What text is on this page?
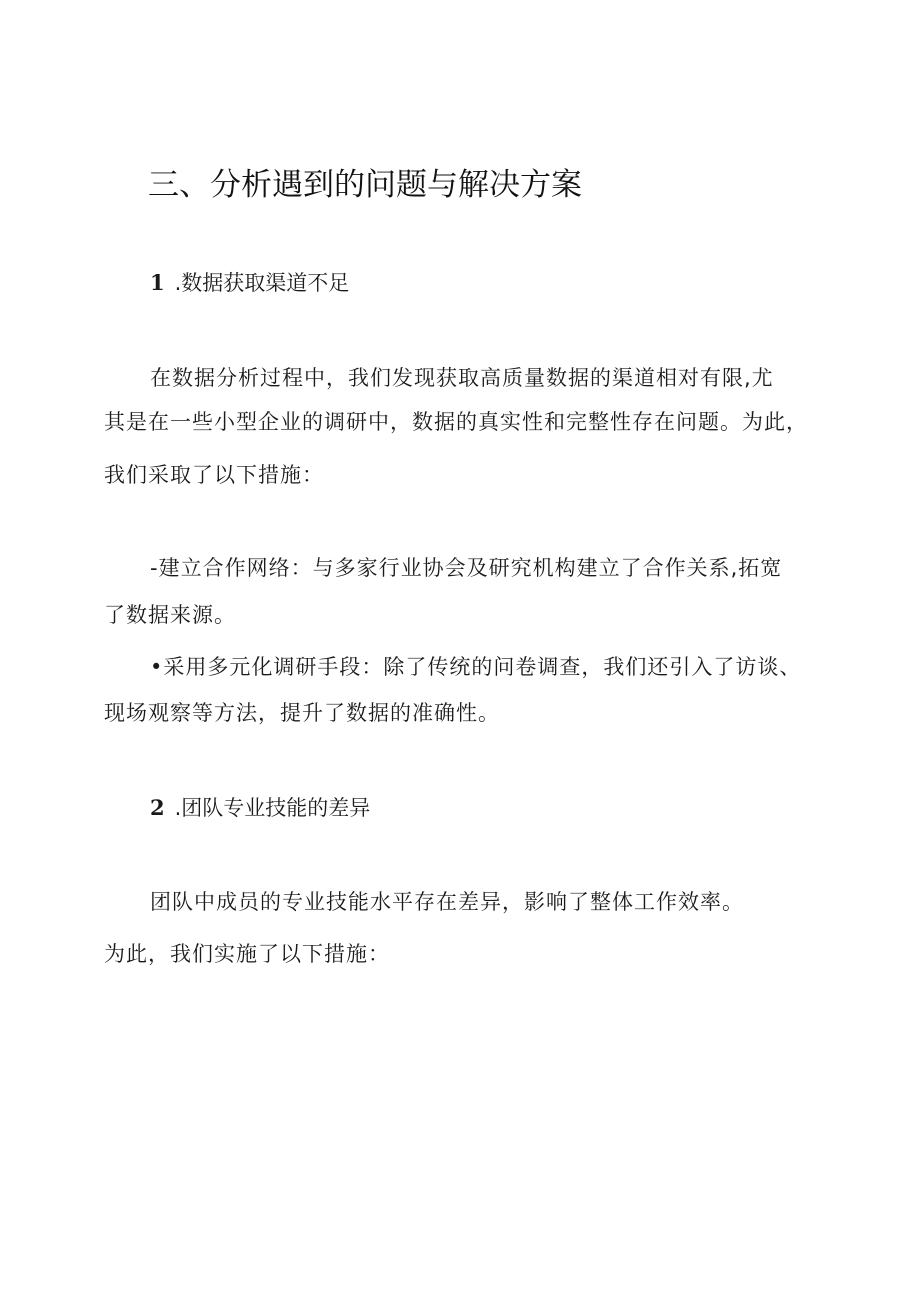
三、分析遇到的问题与解决方案
1 .数据获取渠道不足

在数据分析过程中，我们发现获取高质量数据的渠道相对有限,尤

其是在一些小型企业的调研中，数据的真实性和完整性存在问题。为此，

我们采取了以下措施：

-建立合作网络：与多家行业协会及研究机构建立了合作关系,拓宽

了数据来源。

•采用多元化调研手段：除了传统的问卷调查，我们还引入了访谈、

现场观察等方法，提升了数据的准确性。

2 .团队专业技能的差异

团队中成员的专业技能水平存在差异，影响了整体工作效率。

为此，我们实施了以下措施：
